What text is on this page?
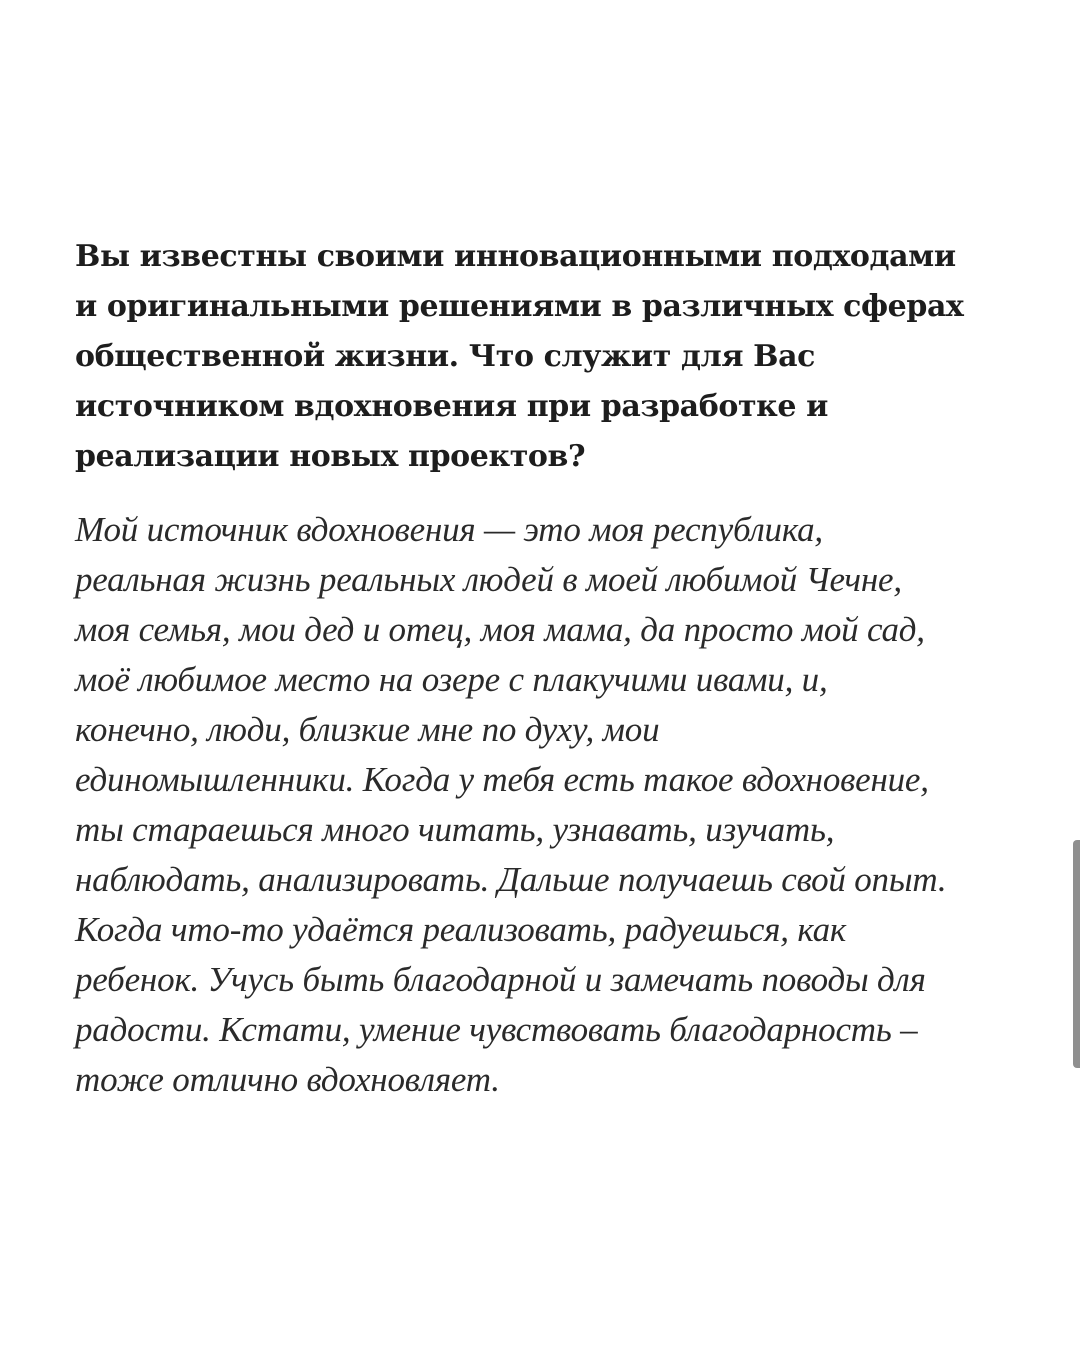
Вы известны своими инновационными подходами
и оригинальными решениями в различных сферах
общественной жизни. Что служит для Вас
источником вдохновения при разработке и
реализации новых проектов?

Мой источник вдохновения — это моя республика,
реальная жизнь реальных людей в моей любимой Чечне,
моя семья, мои дед и отец, моя мама, да просто мой сад,
моё любимое место на озере с плакучими ивами, и,
конечно, люди, близкие мне по духу, мои
единомышленники. Когда у тебя есть такое вдохновение,
ты стараешься много читать, узнавать, изучать,
наблюдать, анализировать. Дальше получаешь свой опыт.
Когда что-то удаётся реализовать, радуешься, как
ребенок. Учусь быть благодарной и замечать поводы для
радости. Кстати, умение чувствовать благодарность –
тоже отлично вдохновляет.
